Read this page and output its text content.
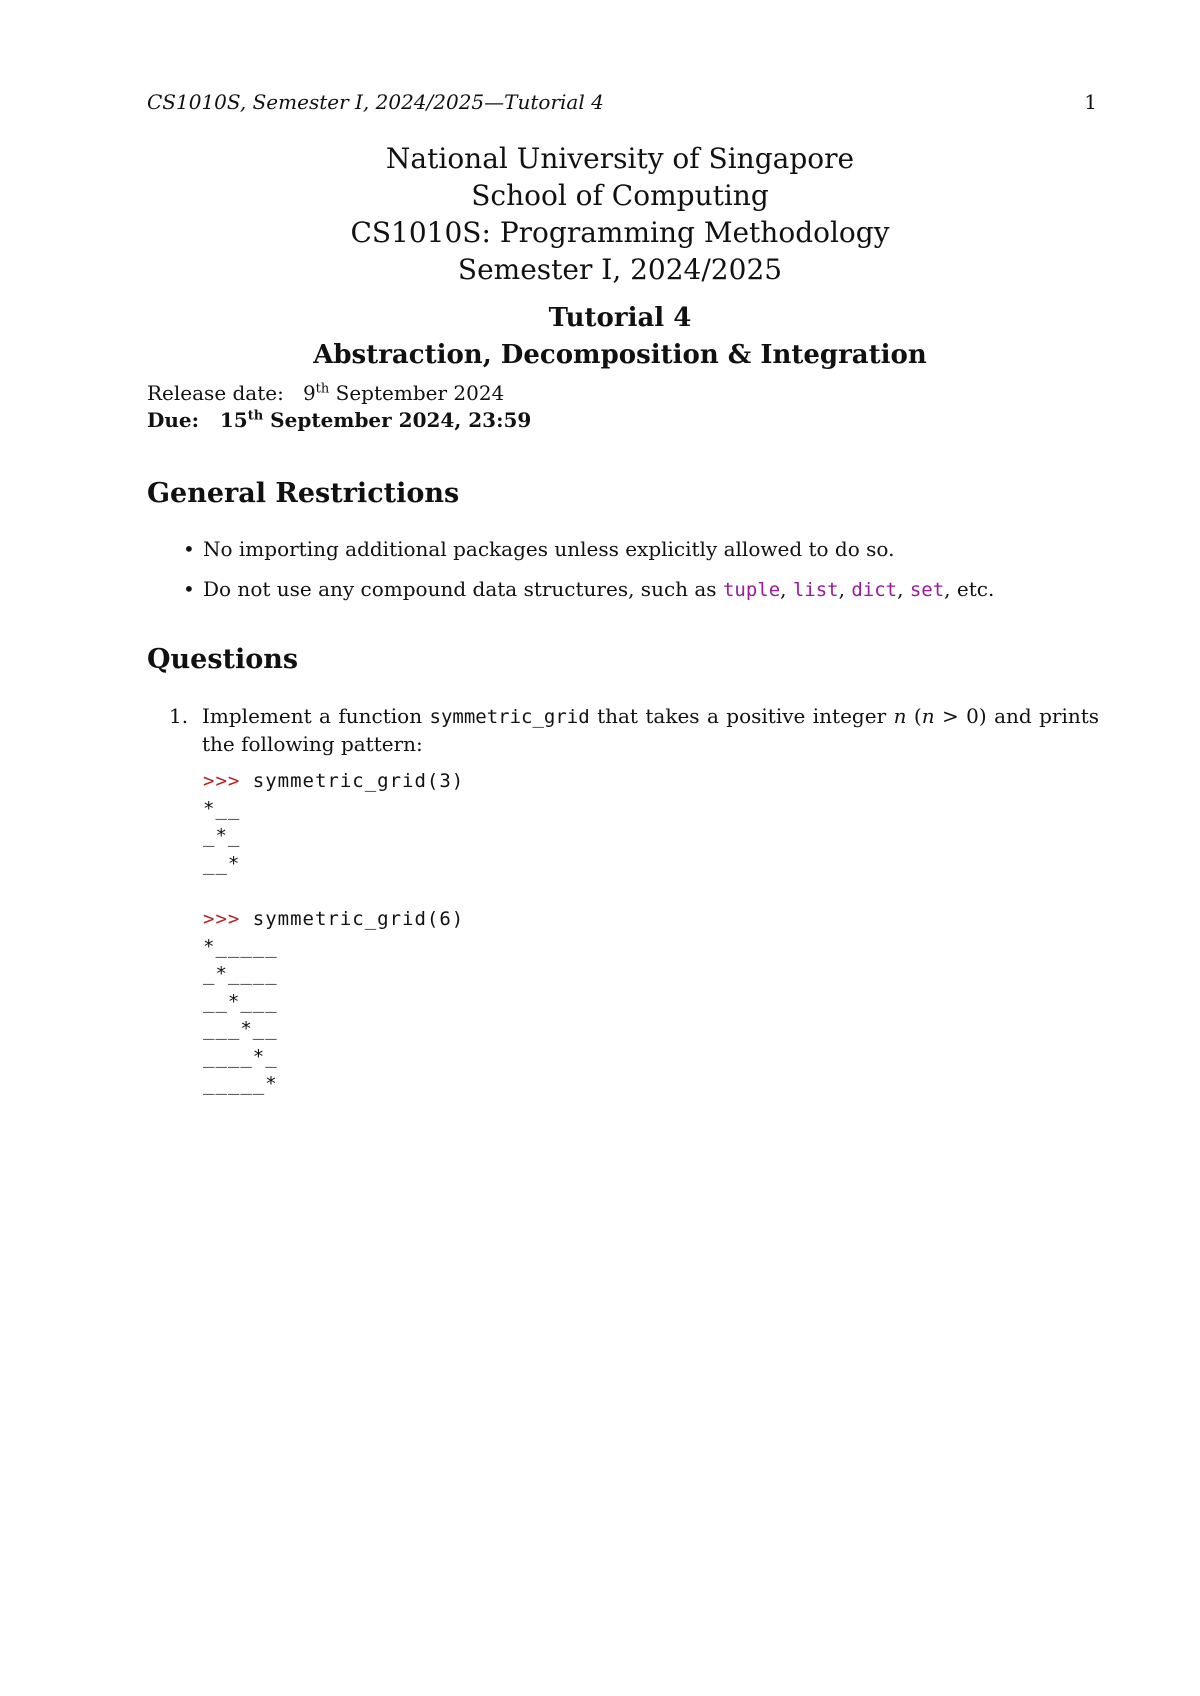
CS1010S, Semester I, 2024/2025—Tutorial 4	1
National University of Singapore
School of Computing
CS1010S: Programming Methodology
Semester I, 2024/2025
Tutorial 4
Abstraction, Decomposition & Integration
Release date: 9th September 2024
Due: 15th September 2024, 23:59
General Restrictions
• No importing additional packages unless explicitly allowed to do so.
• Do not use any compound data structures, such as tuple, list, dict, set, etc.
Questions
1. Implement a function symmetric_grid that takes a positive integer n (n > 0) and prints the following pattern:
>>> symmetric_grid(3)
*__
_*_
__*
>>> symmetric_grid(6)
*_____
_*____
__*___
___*__
____*_
_____*
